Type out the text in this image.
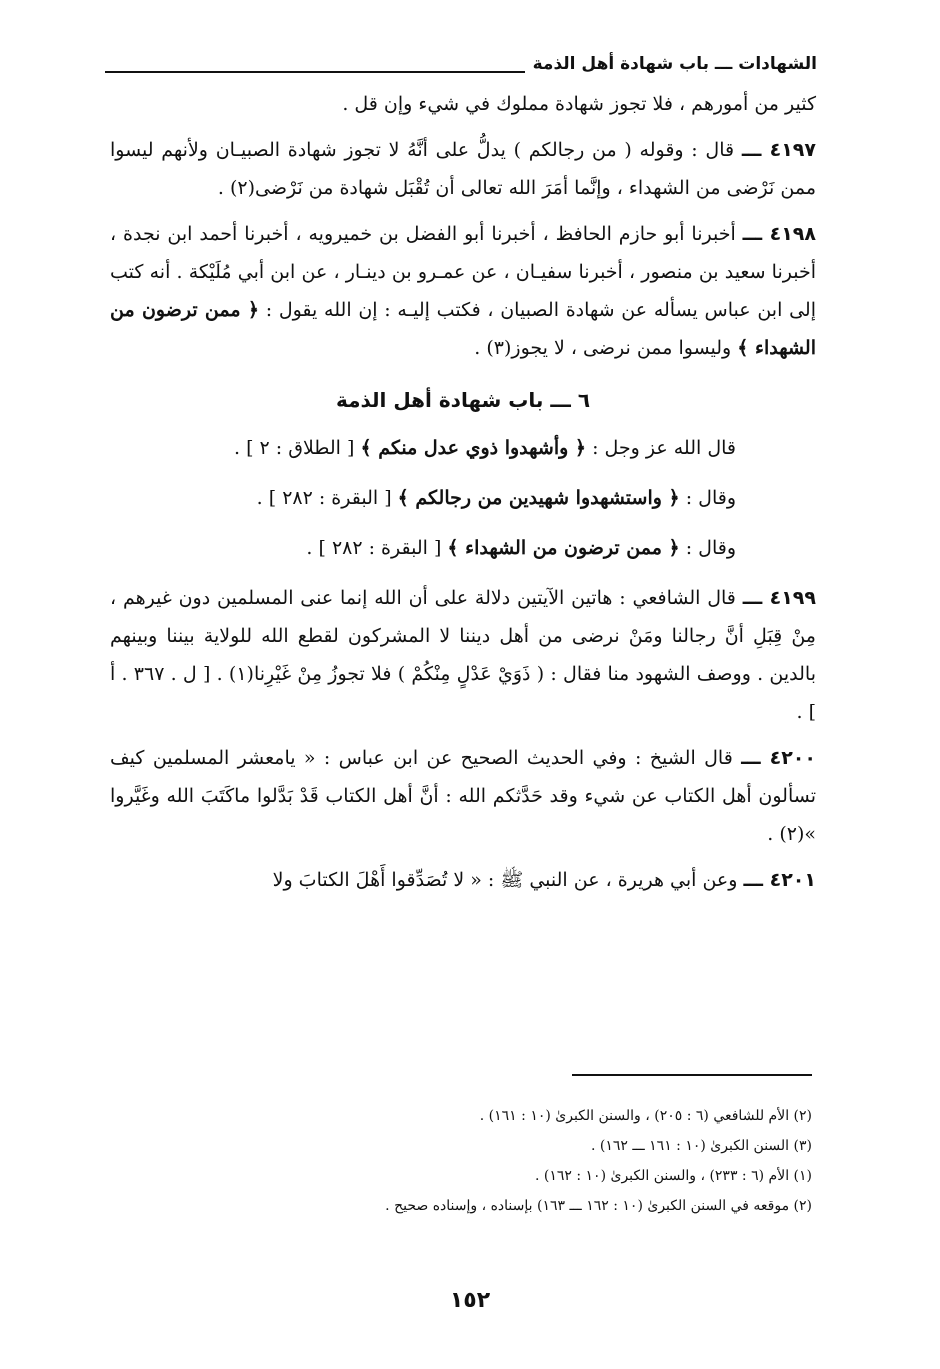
الشهادات ـــ باب شهادة أهل الذمة

كثير من أمورهم ، فلا تجوز شهادة مملوك في شيء وإن قل .

٤١٩٧ ـــ قال : وقوله ( من رجالكم ) يدلُّ على أنَّهُ لا تجوز شهادة الصبيـان ولأنهم ليسوا ممن نَرْضى من الشهداء ، وإنَّما أمَرَ الله تعالى أن تُقْبَل شهادة من نَرْضى(٢) .

٤١٩٨ ـــ أخبرنا أبو حازم الحافظ ، أخبرنا أبو الفضل بن خميرويه ، أخبرنا أحمد ابن نجدة ، أخبرنا سعيد بن منصور ، أخبرنا سفيـان ، عن عمـرو بن دينـار ، عن ابن أبي مُلَيْكة . أنه كتب إلى ابن عباس يسأله عن شهادة الصبيان ، فكتب إليـه : إن الله يقول : ﴿ ممن ترضون من الشهداء ﴾ وليسوا ممن نرضى ، لا يجوز(٣) .

٦ ـــ باب شهادة أهل الذمة

قال الله عز وجل : ﴿ وأشهدوا ذوي عدل منكم ﴾ [ الطلاق : ٢ ] .

وقال : ﴿ واستشهدوا شهيدين من رجالكم ﴾ [ البقرة : ٢٨٢ ] .

وقال : ﴿ ممن ترضون من الشهداء ﴾ [ البقرة : ٢٨٢ ] .

٤١٩٩ ـــ قال الشافعي : هاتين الآيتين دلالة على أن الله إنما عنى المسلمين دون غيرهم ، مِنْ قِبَلِ أنَّ رجالنا ومَنْ نرضى من أهل ديننا لا المشركون لقطع الله للولاية بيننا وبينهم بالدين . ووصف الشهود منا فقال : ( ذَوَيْ عَدْلٍ مِنْكُمْ ) فلا تجوزُ مِنْ غَيْرِنا(١) . [ ل . ٣٦٧ . أ ] .

٤٢٠٠ ـــ قال الشيخ : وفي الحديث الصحيح عن ابن عباس : « يامعشر المسلمين كيف تسألون أهل الكتاب عن شيء وقد حَدَّثكم الله : أنَّ أهل الكتاب قَدْ بَدَّلوا ماكَتَبَ الله وغَيَّروا »(٢) .

٤٢٠١ ـــ وعن أبي هريرة ، عن النبي ﷺ : « لا تُصَدِّقوا أَهْلَ الكتابَ ولا

(٢) الأم للشافعي (٦ : ٢٠٥) ، والسنن الكبرىٰ (١٠ : ١٦١) .
(٣) السنن الكبرىٰ (١٠ : ١٦١ ـــ ١٦٢) .
(١) الأم (٦ : ٢٣٣) ، والسنن الكبرىٰ (١٠ : ١٦٢) .
(٢) موقعه في السنن الكبرىٰ (١٠ : ١٦٢ ـــ ١٦٣) بإسناده ، وإسناده صحيح .
١٥٢
